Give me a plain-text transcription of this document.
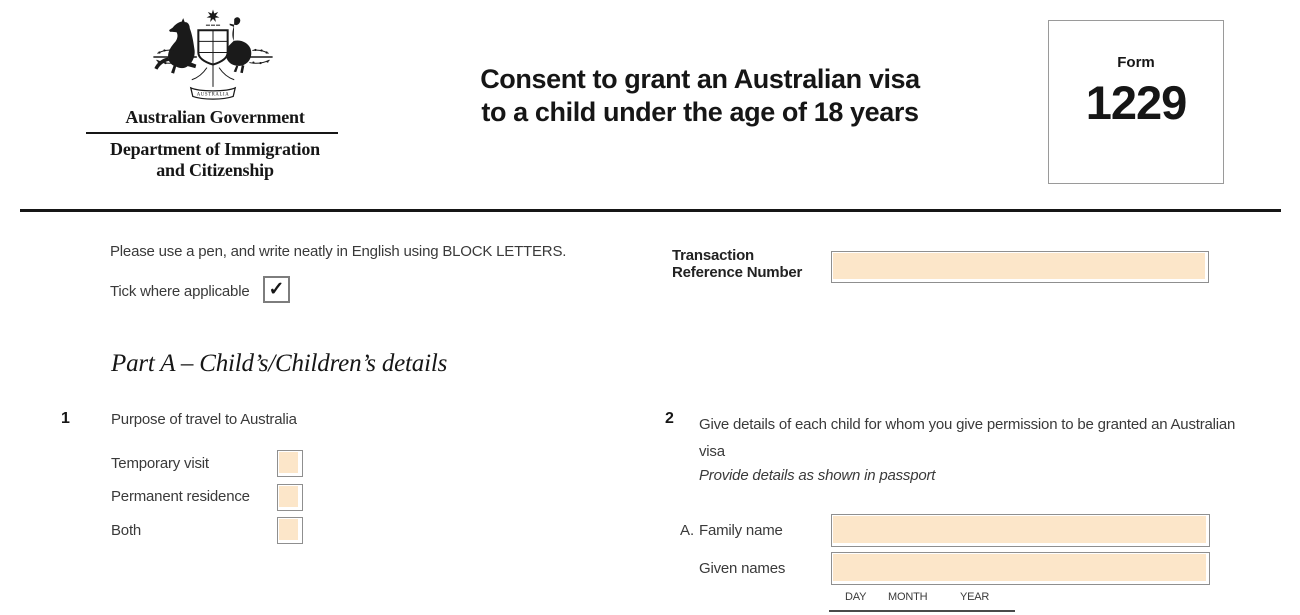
AUSTRALIA
Australian Government
Department of Immigration
and Citizenship
Consent to grant an Australian visa
to a child under the age of 18 years
Form
1229
Please use a pen, and write neatly in English using BLOCK LETTERS.
Tick where applicable ✓
Transaction
Reference Number
Part A – Child’s/Children’s details
1	Purpose of travel to Australia
Temporary visit
Permanent residence
Both
2 Give details of each child for whom you give permission to be granted an Australian visa
Provide details as shown in passport
A. Family name
Given names
DAY MONTH	YEAR
